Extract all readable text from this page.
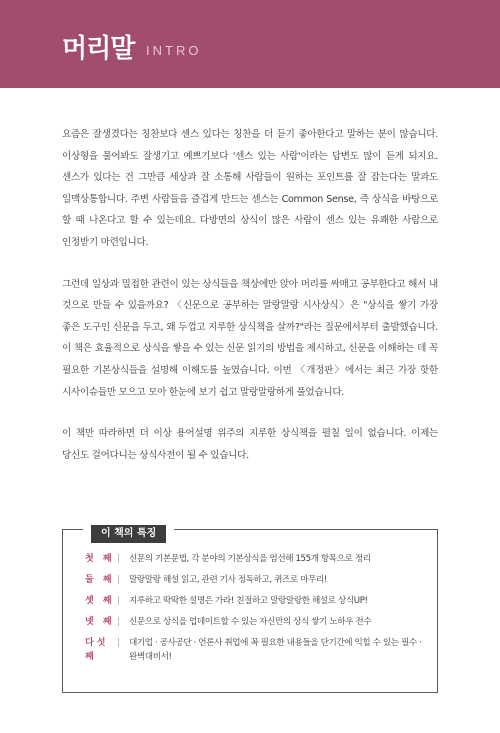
머리말 INTRO

요즘은 잘생겼다는 칭찬보다 센스 있다는 칭찬을 더 듣기 좋아한다고 말하는 분이 많습니다. 이상형을 물어봐도 잘생기고 예쁘기보다 '센스 있는 사람'이라는 답변도 많이 듣게 되지요. 센스가 있다는 건 그만큼 세상과 잘 소통해 사람들이 원하는 포인트를 잘 잡는다는 말과도 일맥상통합니다. 주변 사람들을 즐겁게 만드는 센스는 Common Sense, 즉 상식을 바탕으로 할 때 나온다고 할 수 있는데요. 다방면의 상식이 많은 사람이 센스 있는 유쾌한 사람으로 인정받기 마련입니다.

그런데 일상과 밀접한 관련이 있는 상식들을 책상에만 앉아 머리를 싸매고 공부한다고 해서 내 것으로 만들 수 있을까요? 〈신문으로 공부하는 말랑말랑 시사상식〉은 "상식을 쌓기 가장 좋은 도구인 신문을 두고, 왜 두껍고 지루한 상식책을 살까?"라는 질문에서부터 출발했습니다. 이 책은 효율적으로 상식을 쌓을 수 있는 신문 읽기의 방법을 제시하고, 신문을 이해하는 데 꼭 필요한 기본상식들을 설명해 이해도를 높였습니다. 이번 〈개정판〉에서는 최근 가장 핫한 시사이슈들만 모으고 모아 한눈에 보기 쉽고 말랑말랑하게 풀었습니다.

이 책만 따라하면 더 이상 용어설명 위주의 지루한 상식책을 펼칠 일이 없습니다. 이제는 당신도 걸어다니는 상식사전이 될 수 있습니다.

이 책의 특징
첫 째 |	신문의 기본문법, 각 분야의 기본상식을 엄선해 155개 항목으로 정리
둘 째 |	말랑말랑 해설 읽고, 관련 기사 정독하고, 퀴즈로 마무리!
셋 째 |	지루하고 딱딱한 설명은 가라! 친절하고 말랑말랑한 해설로 상식UP!
넷 째 |	신문으로 상식을 업데이트할 수 있는 자신만의 상식 쌓기 노하우 전수
다섯째
|	대기업 · 공사공단 · 언론사 취업에 꼭 필요한 내용들을 단기간에 익힐 수 있는 필수 · 완벽대비서!
